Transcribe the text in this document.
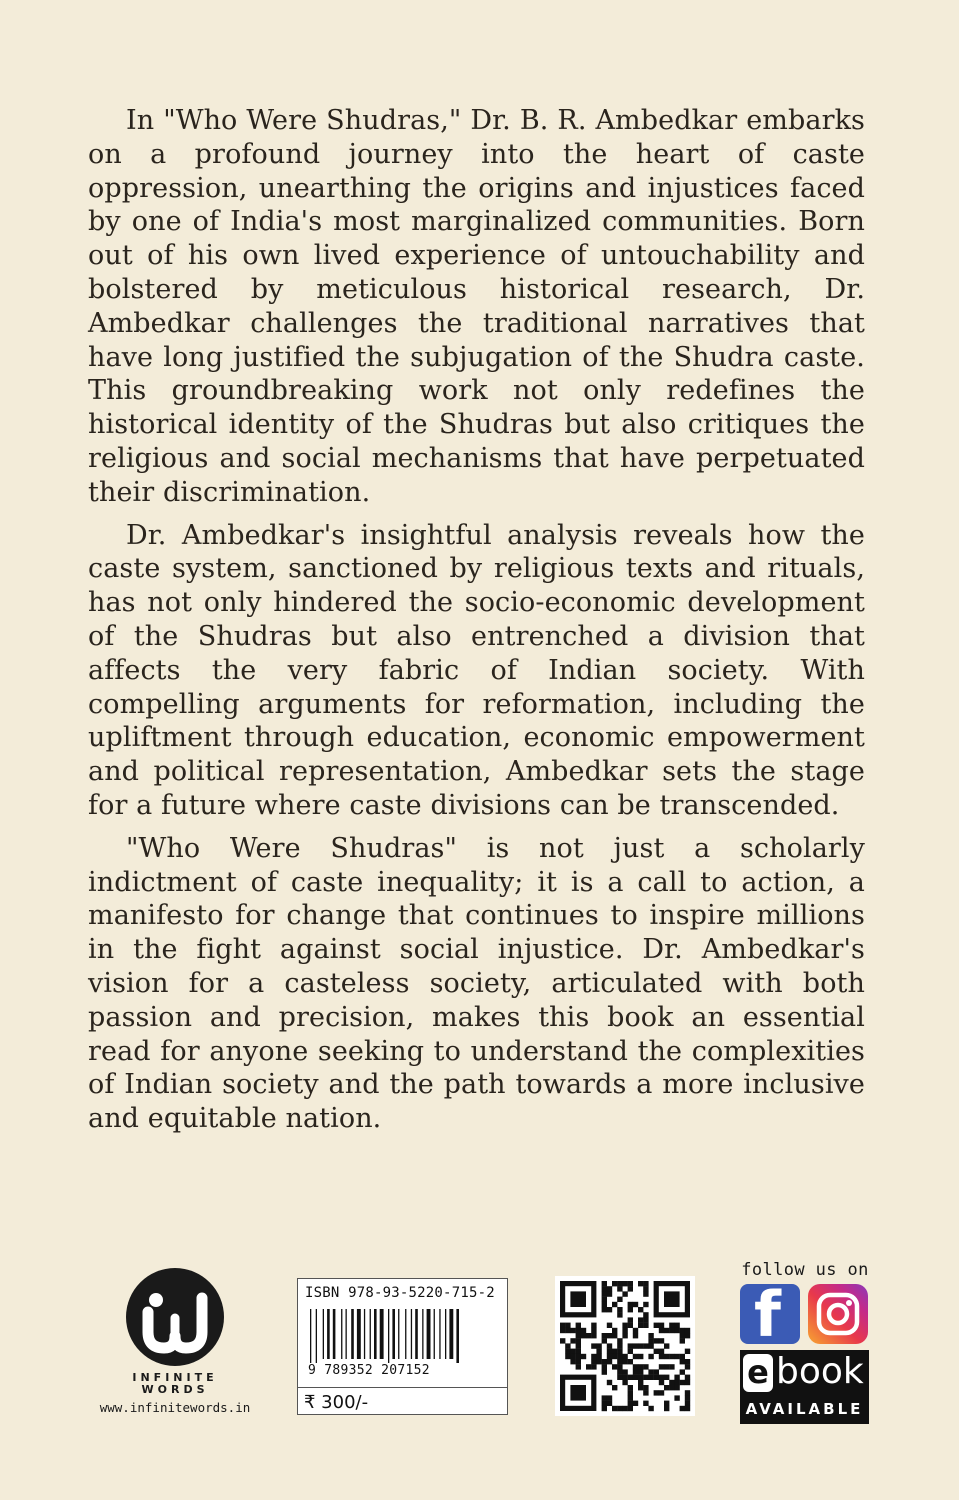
In "Who Were Shudras," Dr. B. R. Ambedkar embarks on a profound journey into the heart of caste oppression, unearthing the origins and injustices faced by one of India's most marginalized communities. Born out of his own lived experience of untouchability and bolstered by meticulous historical research, Dr. Ambedkar challenges the traditional narratives that have long justified the subjugation of the Shudra caste. This groundbreaking work not only redefines the historical identity of the Shudras but also critiques the religious and social mechanisms that have perpetuated their discrimination.

Dr. Ambedkar's insightful analysis reveals how the caste system, sanctioned by religious texts and rituals, has not only hindered the socio-economic development of the Shudras but also entrenched a division that affects the very fabric of Indian society. With compelling arguments for reformation, including the upliftment through education, economic empowerment and political representation, Ambedkar sets the stage for a future where caste divisions can be transcended.

"Who Were Shudras" is not just a scholarly indictment of caste inequality; it is a call to action, a manifesto for change that continues to inspire millions in the fight against social injustice. Dr. Ambedkar's vision for a casteless society, articulated with both passion and precision, makes this book an essential read for anyone seeking to understand the complexities of Indian society and the path towards a more inclusive and equitable nation.

INFINITE
WORDS
www.infinitewords.in
ISBN 978-93-5220-715-2
9 789352 207152
₹ 300/-
follow us on
f
e book
AVAILABLE
